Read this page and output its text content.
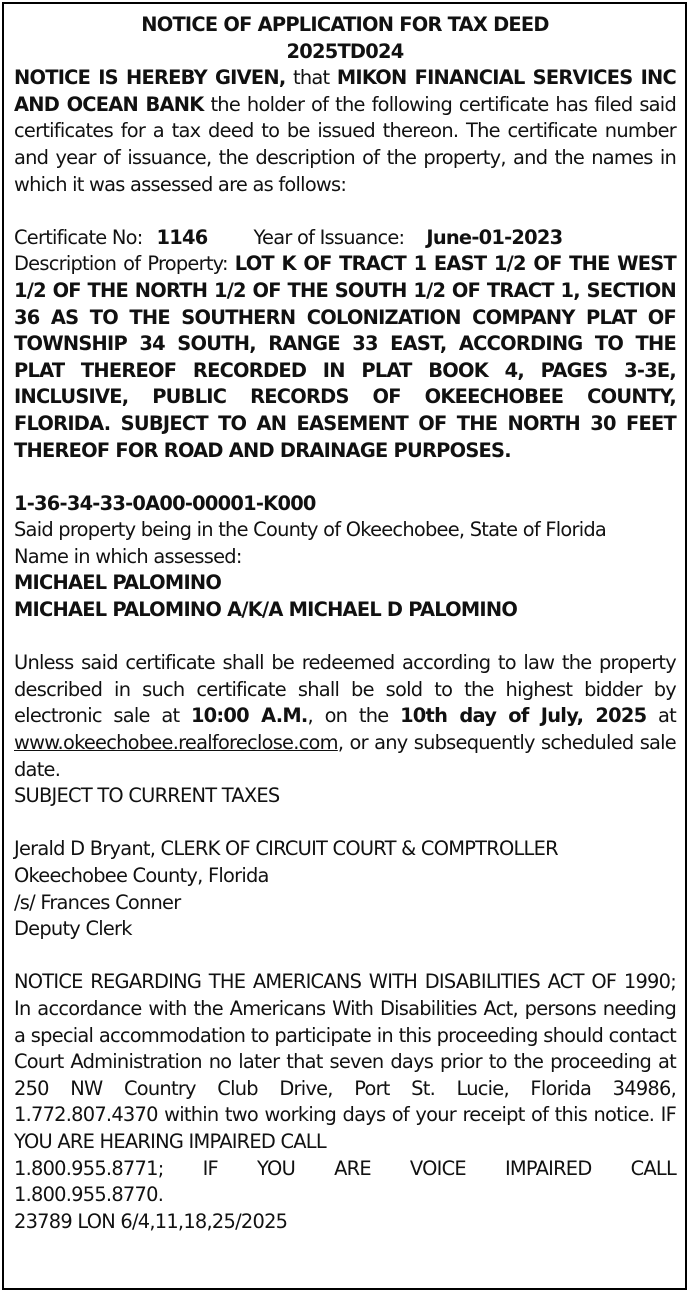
NOTICE OF APPLICATION FOR TAX DEED
2025TD024
NOTICE IS HEREBY GIVEN, that MIKON FINANCIAL SERVICES INC AND OCEAN BANK the holder of the following certificate has filed said certificates for a tax deed to be issued thereon. The certificate number and year of issuance, the description of the property, and the names in which it was assessed are as follows:
Certificate No: 1146 Year of Issuance: June-01-2023
Description of Property: LOT K OF TRACT 1 EAST 1/2 OF THE WEST 1/2 OF THE NORTH 1/2 OF THE SOUTH 1/2 OF TRACT 1, SECTION 36 AS TO THE SOUTHERN COLONIZATION COMPANY PLAT OF TOWNSHIP 34 SOUTH, RANGE 33 EAST, ACCORDING TO THE PLAT THEREOF RECORDED IN PLAT BOOK 4, PAGES 3-3E, INCLUSIVE, PUBLIC RECORDS OF OKEECHOBEE COUNTY, FLORIDA. SUBJECT TO AN EASEMENT OF THE NORTH 30 FEET THEREOF FOR ROAD AND DRAINAGE PURPOSES.
1-36-34-33-0A00-00001-K000
Said property being in the County of Okeechobee, State of Florida
Name in which assessed:
MICHAEL PALOMINO
MICHAEL PALOMINO A/K/A MICHAEL D PALOMINO
Unless said certificate shall be redeemed according to law the property described in such certificate shall be sold to the highest bidder by electronic sale at 10:00 A.M., on the 10th day of July, 2025 at www.okeechobee.realforeclose.com, or any subsequently scheduled sale date.
SUBJECT TO CURRENT TAXES
Jerald D Bryant, CLERK OF CIRCUIT COURT & COMPTROLLER
Okeechobee County, Florida
/s/ Frances Conner
Deputy Clerk
NOTICE REGARDING THE AMERICANS WITH DISABILITIES ACT OF 1990; In accordance with the Americans With Disabilities Act, persons needing a special accommodation to participate in this proceeding should contact Court Administration no later that seven days prior to the proceeding at 250 NW Country Club Drive, Port St. Lucie, Florida 34986, 1.772.807.4370 within two working days of your receipt of this notice. IF YOU ARE HEARING IMPAIRED CALL
1.800.955.8771; IF YOU ARE VOICE IMPAIRED CALL
1.800.955.8770.
23789 LON 6/4,11,18,25/2025
